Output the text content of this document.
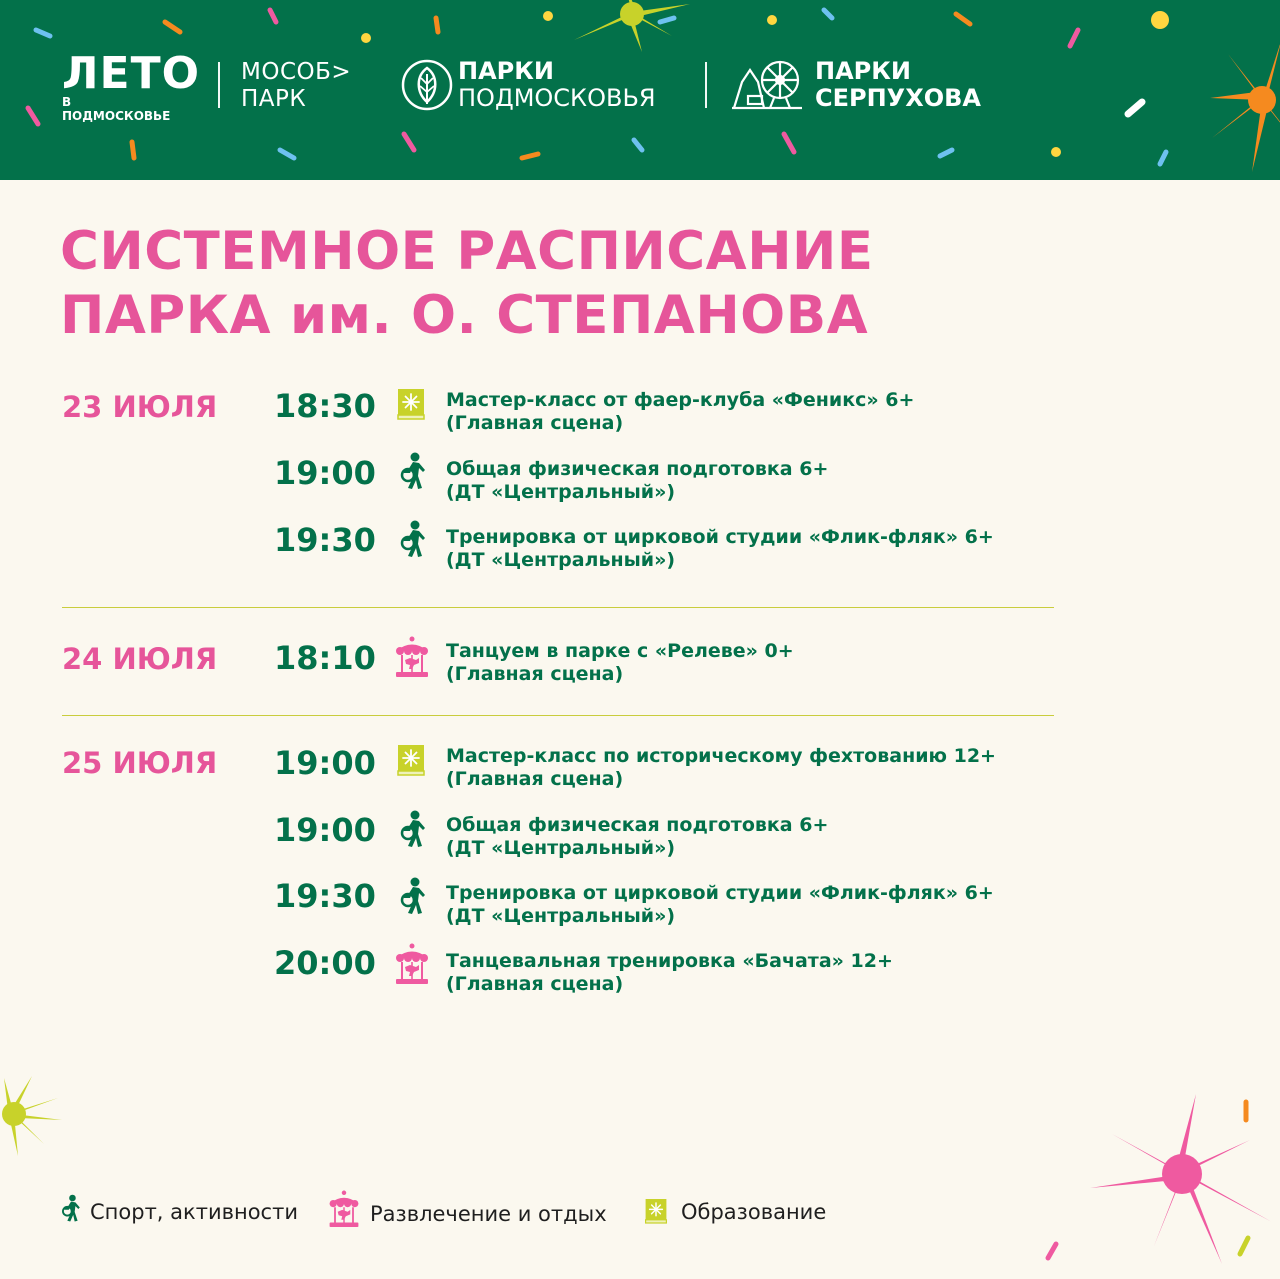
ЛЕТО
В ПОДМОСКОВЬЕ
МОСОБ>
ПАРК
ПАРКИ
ПОДМОСКОВЬЯ
ПАРКИ
СЕРПУХОВА
СИСТЕМНОЕ РАСПИСАНИЕ
ПАРКА им. О. СТЕПАНОВА
23 ИЮЛЯ 18:30	Мастер-класс от фаер-клуба «Феникс» 6+
(Главная сцена)
19:00	Общая физическая подготовка 6+
(ДТ «Центральный»)
19:30	Тренировка от цирковой студии «Флик-фляк» 6+
(ДТ «Центральный»)
24 ИЮЛЯ 18:10	Танцуем в парке с «Релеве» 0+
(Главная сцена)
25 ИЮЛЯ 19:00	Мастер-класс по историческому фехтованию 12+
(Главная сцена)
19:00	Общая физическая подготовка 6+
(ДТ «Центральный»)
19:30	Тренировка от цирковой студии «Флик-фляк» 6+
(ДТ «Центральный»)
20:00	Танцевальная тренировка «Бачата» 12+
(Главная сцена)
Спорт, активности	Развлечение и отдых	Образование
